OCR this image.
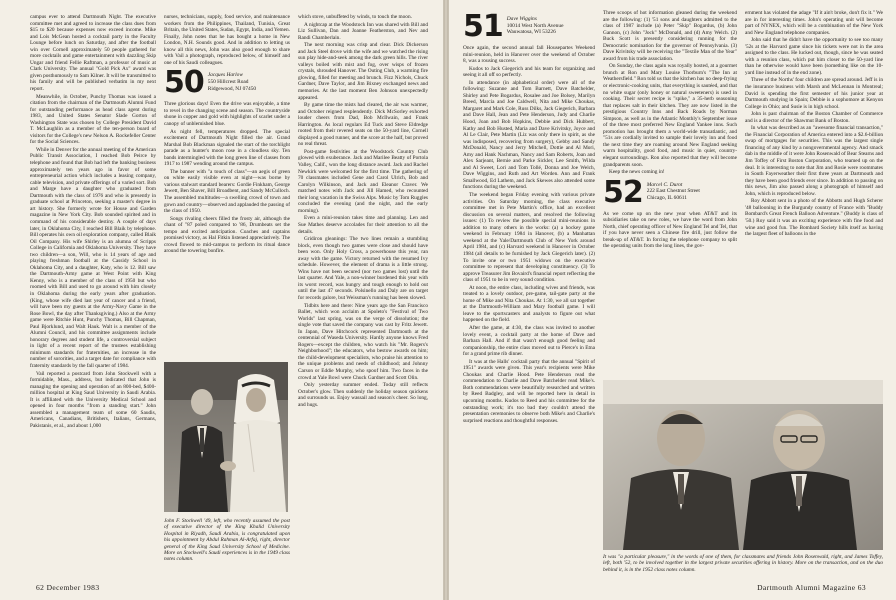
campus ever to attend Dartmouth Night. The executive committee met and agreed to increase the class dues from $15 to $20 because expenses now exceed income. Mike and Lois McGean hosted a cocktail party in the Faculty Lounge before lunch on Saturday, and after the football win over Cornell approximately 50 people gathered for more cocktails and game entertainment with dazzling Skip Ungar and friend Fellie Raftman, a professor of music at Clark University. The annual "Gold Pick Ax" award was given posthumously to Sam Kilner. It will be transmitted to his family and will be published verbatim in my next report.

Meanwhile, in October, Punchy Thomas was issued a citation from the chairman of the Dartmouth Alumni Fund for outstanding performance as head class agent during 1983, and United States Senator Slade Gorton of Washington State was chosen by College President David T. McLaughlin as a member of the ten-person board of visitors for the College's new Nelson A. Rockefeller Center for the Social Sciences.

While in Denver for the annual meeting of the American Public Transit Association, I reached Bob Peirce by telephone and found that Bob had left the banking business approximately ten years ago in favor of some entrepreneurial action which includes a leasing company, cable television, and private offerings of a varied sort. Bob and Marge have a daughter who graduated from Dartmouth with the class of 1976 and who is presently in graduate school at Princeton, seeking a master's degree in art history. She formerly wrote for House and Garden magazine in New York City. Bob sounded spirited and in command of his considerable destiny. A couple of days later, in Oklahoma City, I reached Bill Blaik by telephone. Bill operates his own oil exploration company, called Blaik Oil Company. His wife Shirley is an alumna of Scripps College in California and Oklahoma University. They have two children—a son, Will, who is 14 years of age and playing freshman football at the Cassidy School in Oklahoma City, and a daughter, Katy, who is 12. Bill saw the Dartmouth-Army game at West Point with King Kenny, who is a member of the class of 1950 but who roomed with Bill and used to go around with him closely in Oklahoma during the early years after graduation. (King, whose wife died last year of cancer and a friend, will have been my guests at the Army-Navy Game in the Rose Bowl, the day after Thanksgiving.) Also at the Army game were Ritchie Hunt, Punchy Thomas, Bill Chapman, Paul Bjorklund, and Walt Hauk. Walt is a member of the Alumni Council, and his committee assignments include honorary degrees and student life, a controversial subject in light of a recent report of the trustees establishing minimum standards for fraternities, an increase in the number of sororities, and a target date for compliance with fraternity standards by the fall quarter of 1984.

Vail reported a postcard from John Stockwell with a formidable, Mass., address, but indicated that John is managing the opening and operation of an 800-bed, $400-million hospital at King Saud University in Saudi Arabia. It is affiliated with the University Medical School and opened in four months "from a standing start." John assembled a management team of some 60 Saudis, Americans, Canadians, Britishers, Italians, Germans, Pakistanis, et al., and about 1,000

nurses, technicians, supply, food service, and maintenance workers from the Philippines, Thailand, Tunisia, Great Britain, the United States, Sudan, Egypt, India, and Yemen. Finally, John notes that he has bought a home in New London, N.H. Sounds good. And in addition to letting us know all this news, John was also good enough to share with Vail a photograph, reproduced below, of himself and one of his Saudi colleagues.

50 Jacques Harlow
550 Hillcrest Road
Ridgewood, NJ 07450

Three glorious days! Even the drive was enjoyable, a time to revel in the changing scene and season. The countryside shone in copper and gold with highlights of scarlet under a canopy of unblemished blue.

As night fell, temperatures dropped. The special excitement of Dartmouth Night filled the air. Grand Marshal Bob Blackman signaled the start of the torchlight parade as a hunter's moon rose in a cloudless sky. Ten bands intermingled with the long green line of classes from 1917 to 1987 wending around the campus.

The banner with "a touch of class"—an aegis of green on white easily visible even at night—was borne by various stalwart standard bearers: Gordie Finkham, George Jewett, Ben Shaver, Bill Broadbent, and Sandy McCulloch. The assembled multitudes—a swelling crowd of town and gown and country—observed and applauded the passing of the class of 1950.

Songs rivaling cheers filled the frosty air, although the chant of "87 poled compared to '86, Drumbeats set the tempo and excited anticipation. Coaches and captains promised victory, as Hal Fitkin listened appreciatively. The crowd flowed to mid-campus to perform its ritual dance around the towering bonfire.

John F. Stockwell '49, left, who recently assumed the post of executive director of the King Khalid University Hospital in Riyadh, Saudi Arabia, is congratulated upon his appointment by Abdul Rahman Al-Arfaj, right, director general of the King Saud University School of Medicine. More on Stockwell's Saudi experiences is in the 1949 class notes column.

which stove, unbuffeted by winds, to touch the moon.

A nightcap at the Woodstock Inn was shared with Bill and Liz Sullivan, Dan and Joanne Featherston, and Nev and Randi Chamberlain.

The next morning was crisp and clear. Dick Dickerson and Jack Steel drove with the wife and we watched the rising sun play hide-and-seek among the dark green hills. The river valleys boiled with mist and fog, over wisps of frozen crystals, shrouded Hanover. The Outing Club, a warming fire glowing, filled for meeting and brunch. Fizz Nichols, Chuck Gardner, Dave Taylor, and Jim Bixney exchanged news and memories. At the last moment Ben Johnson unexpectedly appeared.

By game time the mists had cleared, the air was warmer, and October reigned resplendently. Dick McSorley exhorted louder cheers from Dad, Bob McIlwain, and Frank Harrington. As local regulars Ed Tuck and Steve Eldredge rooted from their revered seats on the 50-yard line, Cornell displayed a good runner, and the score at the half, but proved no real threat.

Post-game festivities at the Woodstock Country Club glowed with exuberance. Jack and Marilee Beatty of Portola Valley, Calif., won the long distance award. Jack and Rachel Newkirk were welcomed for the first time. The gathering of 70 classmates included Gene and Carol Ulrich, Bob and Carolyn Wilkinson, and Jack and Eleanor Craver. We matched notes with Jack and Jill Hamed, who recounted their long vacation in the Swiss Alps. Music by Tom Ruggles concluded the evening (and the night, and the early morning).

Even a mini-reunion takes time and planning. Len and Sue Mathes deserve accolades for their attention to all the details.

Gridiron gleanings: The two lines remain a stumbling block, even though two games were close and should have been won. Only Holy Cross, a powerhouse this year, ran away with the game. Victory returned with the resumed Ivy schedule. However, the element of drama is a little strong. Wins have not been secured (nor two games lost) until the last quarter. And Yale, a non-winner burdened this year with its worst record, was hungry and tough enough to hold out until the last 47 seconds. Polsinello and Daly are on target for records galore, but Weissman's running has been slowed.

Tidbits here and there: Nine years ago the San Francisco Ballet, which won acclaim at Spoleto's "Festival of Two Worlds" last spring, was on the verge of dissolution; the single vote that saved the company was cast by Fritz Jewett. In Japan, Dave Hitchcock represented Dartmouth at the centennial of Waseda University. Hardly anyone knows Fred Rogers—except the children, who watch his "Mr. Rogers's Neighborhood"; the educators, who bestow awards on him; the child-development specialists, who praise his attention to the unique problems and needs of childhood; and Johnny Carson or Eddie Murphy, who spoof him. Two faces in the crowd at Yale Bowl were Chuck Gardner and Scott Olin.

Only yesterday summer ended. Today still reflects October's glow. Then suddenly the holiday season quickens and surrounds us. Enjoy wassail and season's cheer. So long, and hugs.

62 December 1983
51 Dave Wiggins
10014 West North Avenue
Wauwatosa, WI 53226

Once again, the second annual fall Housepartes Weekend mini-reunion, held in Hanover over the weekend of October 8, was a rousing success.

Kudos to Jack Giegerich and his team for organizing and seeing it all off so perfectly.

In attendance (in alphabetical order) were all of the following: Suzanne and Tom Barnett, Dave Batchelder, Shirley and Pete Bogardus, Rosalee and Joe Bolsey, Marilyn Breed, Marcia and Joe Caldwell, Nita and Mike Choukas, Margaret and Mark Cole, Russ Dilks, Jack Giegerich, Barbara and Dave Hall, Jean and Pete Henderson, Judy and Charlie Hood, Joan and Bob Hopkins, Debbie and Dick Hubbert, Kathy and Bob Husted, Maria and Dave Krivitsky, Joyce and Al Le Clair, Pete Martin (Liz was only there in spirit, as she was indisposed, recovering from surgery), Gebby and Sandy McDonald, Nancy and Jerry Mitchell, Dottie and Al Mori, Amy and Hank Nachman, Nancy and Sam Roberts, Joan and Alex Sarjeant, Bernie and Parke Sickler, Lee Smith, Wilda and Al Sweet, Lori and Tom Tollé, Donna and Joe Welch, Dave Wiggins, and Ruth and Art Worden. Ann and Frank Smallwood, Ed Lathem, and Jack Skewes also attended some functions during the weekend.

The weekend began Friday evening with various private activities. On Saturday morning, the class executive committee met in Pete Martin's office, had an excellent discussion on several matters, and resolved the following issues: (1) To review the possible special mini-reunions in addition to many others in the works: (a) a hockey game weekend in February 1984 in Hanover, (b) a Manhattan weekend at the Yale/Dartmouth Club of New York around April 1984, and (c) Harvard weekend in Hanover in October 1984 (all details to be furnished by Jack Giegerich later). (2) To invite one or two 1951 widows on the executive committee to represent that developing constituency. (3) To approve Treasurer Jim Bovaird's financial report reflecting the class of 1951 to be in very sound condition.

At noon, the entire class, including wives and friends, was treated to a lovely outdoor, pre-game, tail-gate party at the home of Mike and Nita Choukas. At 1:30, we all sat together at the Dartmouth-William and Mary football game. I will leave to the sportscasters and analysts to figure out what happened on the field.

After the game, at 4:30, the class was invited to another lovely event, a cocktail party at the home of Dave and Barbara Hall. And if that wasn't enough good feeling and companionship, the entire class moved out to Pierce's in Etna for a grand prime rib dinner.

It was at the Halls' cocktail party that the annual "Spirit of 1951" awards were given. This year's recipients were Mike Choukas and Charlie Hood. Pete Henderson read the commendation to Charlie and Dave Batchelder read Mike's. Both commendations were beautifully researched and written by Reed Badgley, and will be reported here in detail in upcoming months. Kudos to Reed and his committee for the outstanding work; it's too bad they couldn't attend the presentation ceremonies to observe both Mike's and Charlie's surprised reactions and thoughtful responses.

Three scoops of hot information gleaned during the weekend are the following: (1) '51 sons and daughters admitted to the class of 1987 include (a) Peter "Skip" Bogardus, (b) John Gannon, (c) John "Jock" McDonald, and (d) Amy Welch. (2) Buck Scott is presently considering running for the Democratic nomination for the governor of Pennsylvania. (3) Dave Krivitsky will be receiving the "Textile Man of the Year" award from his trade association.

On Sunday, the class again was royally hosted, at a gourmet brunch at Ron and Mary Louise Thorburn's "The Inn at Weathersfield." Ron told us that the kitchen has no deep-frying or electronic-cooking units, that everything is sautéed, and that no white sugar (only honey or natural sweeteners) is used in cooking. Their secret recipe is "spike," a 35-herb seasoning that replaces salt in their kitchen. They are now listed in the prestigious Country Inns and Back Roads by Norman Simpson, as well as in the Atlantic Monthly's September issue of the three most preferred New England Yankee inns. Such promotion has brought them a world-wide transatlantic, and "51s are cordially invited to sample their lovely inn and food the next time they are roaming around New England seeking warm hospitality, good food, and music in quiet, country-elegant surroundings. Ron also reported that they will become grandparents soon.

Keep the news coming in!

52 Marcel C. Durot
222 East Chestnut Street
Chicago, IL 60611

As we come up on the new year when AT&T and its subsidiaries take on new roles, we have the word from John North, chief operating officer of New England Tel and Tel, that if you have never seen a Chinese fire drill, just follow the break-up of AT&T. In forcing the telephone company to split the operating units from the long lines, the gov-

ernment has violated the adage "If it ain't broke, don't fix it." We are in for interesting times. John's operating unit will become part of NYNEX, which will be a combination of the New York and New England telephone companies.

John said that he didn't have the opportunity to see too many '52s at the Harvard game since his tickets were not in the area assigned to the class. He lucked out, though, since he was seated with a reunion class, which put him closer to the 50-yard line than he otherwise would have been (something like on the 10-yard line instead of in the end zone).

Three of the Norths' four children are spread around. Jeff is in the insurance business with Marsh and McLennan in Montreal; David is spending the first semester of his junior year at Dartmouth studying in Spain; Debbie is a sophomore at Kenyon College in Ohio; and Susie is in high school.

John is past chairman of the Boston Chamber of Commerce and is a director of the Shawmut Bank of Boston.

In what was described as an "awesome financial transaction," the Financial Corporation of America entered into a $2.6-billion swap of mortgages for securities. This was the largest single financing of any kind by a nongovernmental agency. And smack dab in the middle of it were John Rosenwald of Bear Stearns and Jim Toffey of First Boston Corporation, who teamed up on the deal. It is interesting to note that Jim and Rosie were roommates in South Fayerweather their first three years at Dartmouth and they have been good friends ever since. In addition to passing on this news, Jim also passed along a photograph of himself and John, which is reproduced below.

Roy Abbott sent in a photo of the Abbotts and Hugh Scherer '48 ballooning in the Burgundy country of France with "Buddy Bombard's Great French Balloon Adventure." (Buddy is class of '50.) Roy said it was an exciting experience with fine food and wine and good fun. The Bombard Society hills itself as having the largest fleet of balloons in the

It was "a particular pleasure," in the words of one of them, for classmates and friends John Rosenwald, right, and James Toffey, left, both '52, to be involved together in the largest private securities offering in history. More on the transaction, and on the duo behind it, is in the 1952 class notes column.

Dartmouth Alumni Magazine 63
